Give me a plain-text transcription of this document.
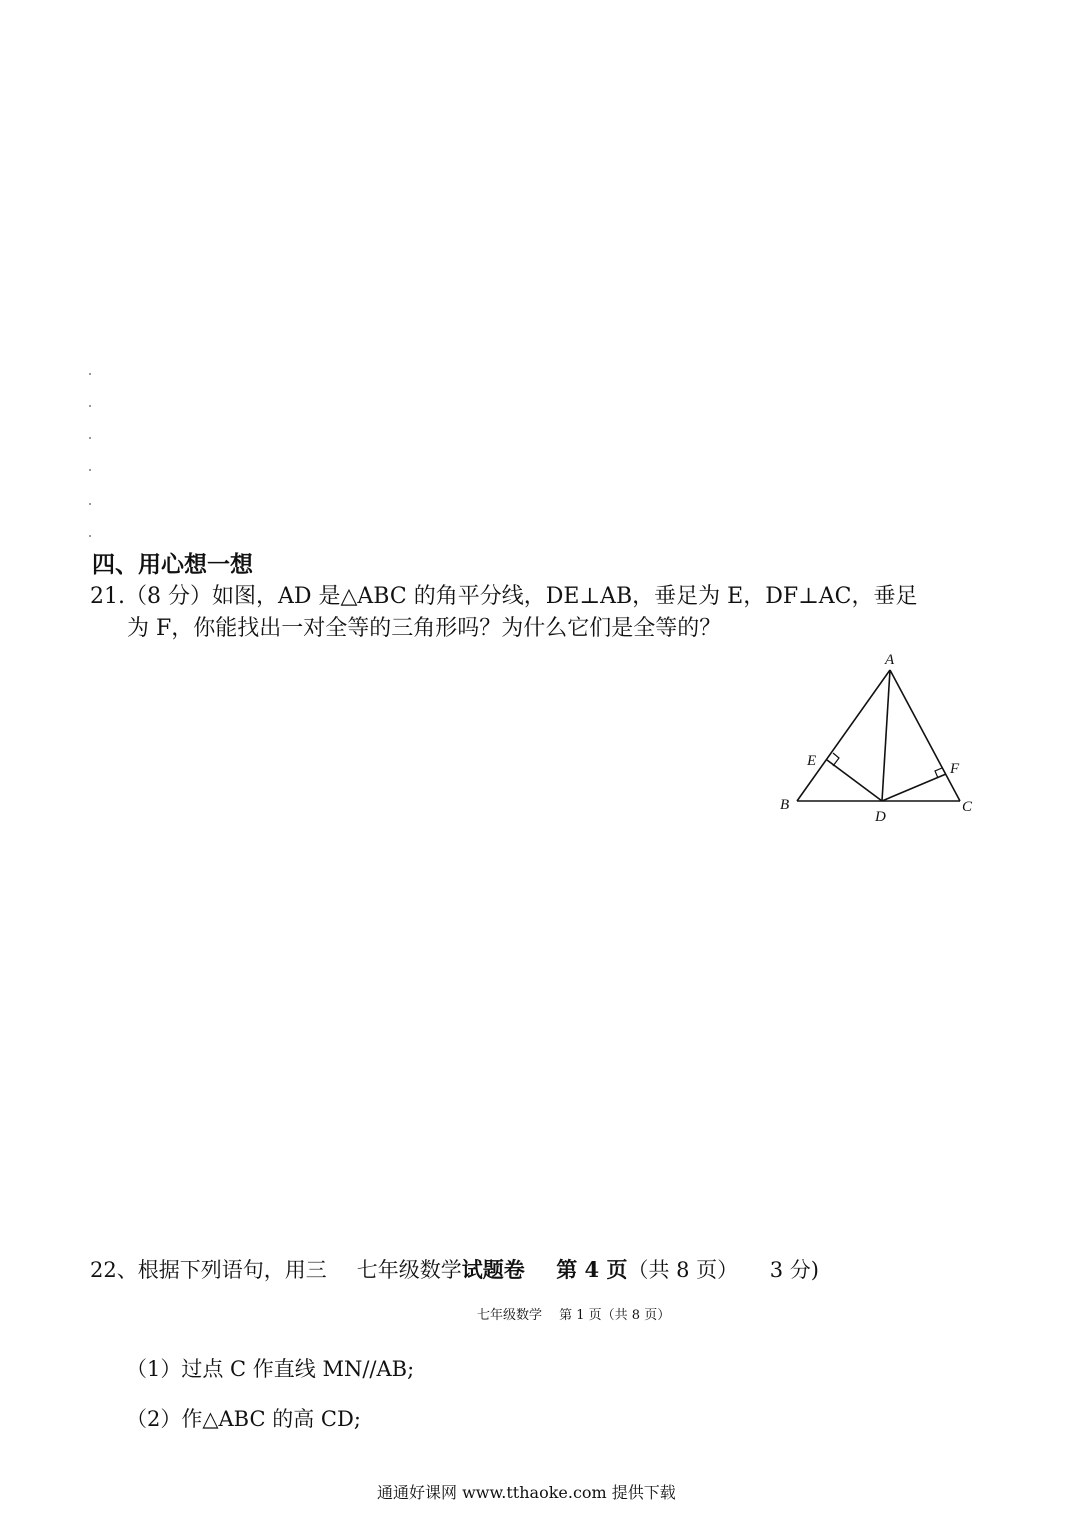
四、用心想一想
21.（8 分）如图，AD 是△ABC 的角平分线，DE⊥AB，垂足为 E，DF⊥AC，垂足
为 F，你能找出一对全等的三角形吗？为什么它们是全等的？
A
B	C
D
E	F
22、根据下列语句，用三 七年级数学试题卷   第 4 页（共 8 页）   3 分)
七年级数学　 第 1 页（共 8 页）
（1）过点 C 作直线 MN//AB;
（2）作△ABC 的高 CD;
通通好课网 www.tthaoke.com 提供下载
